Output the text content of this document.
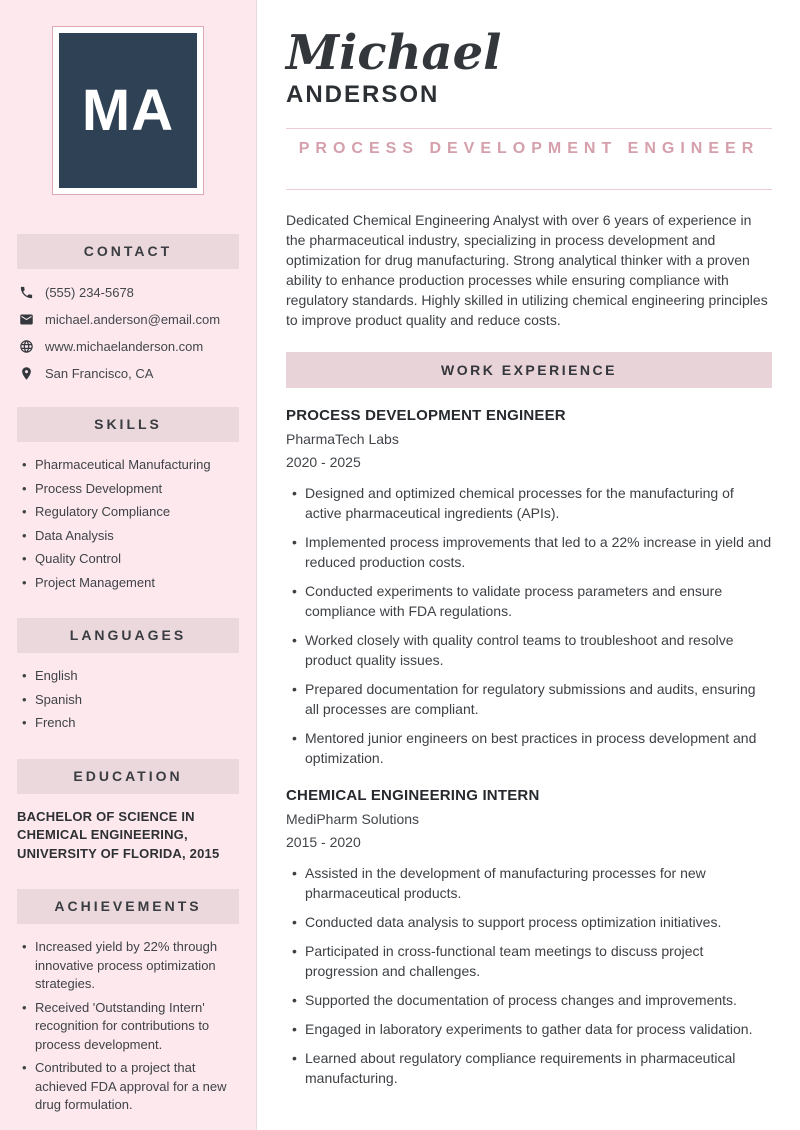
MA
CONTACT
(555) 234-5678
michael.anderson@email.com
www.michaelanderson.com
San Francisco, CA
SKILLS
• Pharmaceutical Manufacturing
• Process Development
• Regulatory Compliance
• Data Analysis
• Quality Control
• Project Management
LANGUAGES
• English
• Spanish
• French
EDUCATION
BACHELOR OF SCIENCE IN CHEMICAL ENGINEERING, UNIVERSITY OF FLORIDA, 2015
ACHIEVEMENTS
• Increased yield by 22% through innovative process optimization strategies.
• Received 'Outstanding Intern' recognition for contributions to process development.
• Contributed to a project that achieved FDA approval for a new drug formulation.
Michael
ANDERSON
PROCESS DEVELOPMENT ENGINEER

Dedicated Chemical Engineering Analyst with over 6 years of experience in the pharmaceutical industry, specializing in process development and optimization for drug manufacturing. Strong analytical thinker with a proven ability to enhance production processes while ensuring compliance with regulatory standards. Highly skilled in utilizing chemical engineering principles to improve product quality and reduce costs.

WORK EXPERIENCE
PROCESS DEVELOPMENT ENGINEER
PharmaTech Labs
2020 - 2025
• Designed and optimized chemical processes for the manufacturing of active pharmaceutical ingredients (APIs).
• Implemented process improvements that led to a 22% increase in yield and reduced production costs.
• Conducted experiments to validate process parameters and ensure compliance with FDA regulations.
• Worked closely with quality control teams to troubleshoot and resolve product quality issues.
• Prepared documentation for regulatory submissions and audits, ensuring all processes are compliant.
• Mentored junior engineers on best practices in process development and optimization.
CHEMICAL ENGINEERING INTERN
MediPharm Solutions
2015 - 2020
• Assisted in the development of manufacturing processes for new pharmaceutical products.
• Conducted data analysis to support process optimization initiatives.
• Participated in cross-functional team meetings to discuss project progression and challenges.
• Supported the documentation of process changes and improvements.
• Engaged in laboratory experiments to gather data for process validation.
• Learned about regulatory compliance requirements in pharmaceutical manufacturing.
